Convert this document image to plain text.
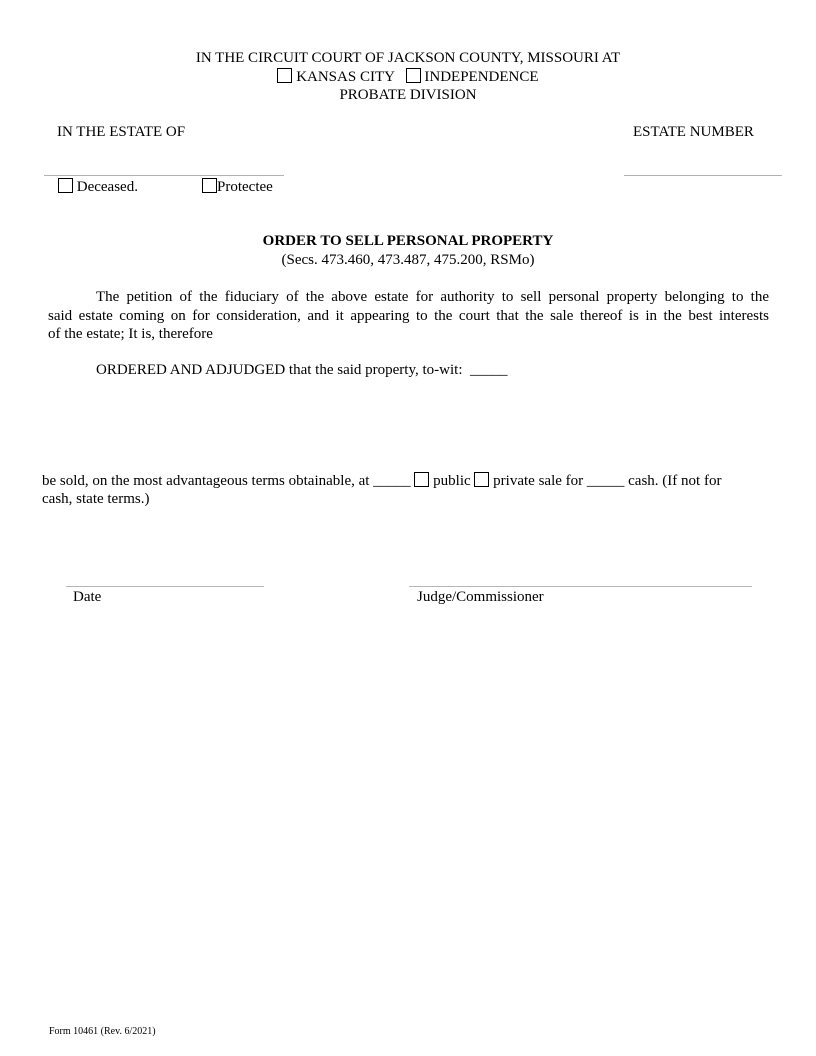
IN THE CIRCUIT COURT OF JACKSON COUNTY, MISSOURI AT
KANSAS CITY INDEPENDENCE
PROBATE DIVISION
IN THE ESTATE OF	ESTATE NUMBER
Deceased.	Protectee
ORDER TO SELL PERSONAL PROPERTY
(Secs. 473.460, 473.487, 475.200, RSMo)
The petition of the fiduciary of the above estate for authority to sell personal property belonging to the
said estate coming on for consideration, and it appearing to the court that the sale thereof is in the best interests
of the estate; It is, therefore
ORDERED AND ADJUDGED that the said property, to-wit: _____
be sold, on the most advantageous terms obtainable, at _____ public private sale for _____ cash. (If not for
cash, state terms.)
Date	Judge/Commissioner
Form 10461 (Rev. 6/2021)
